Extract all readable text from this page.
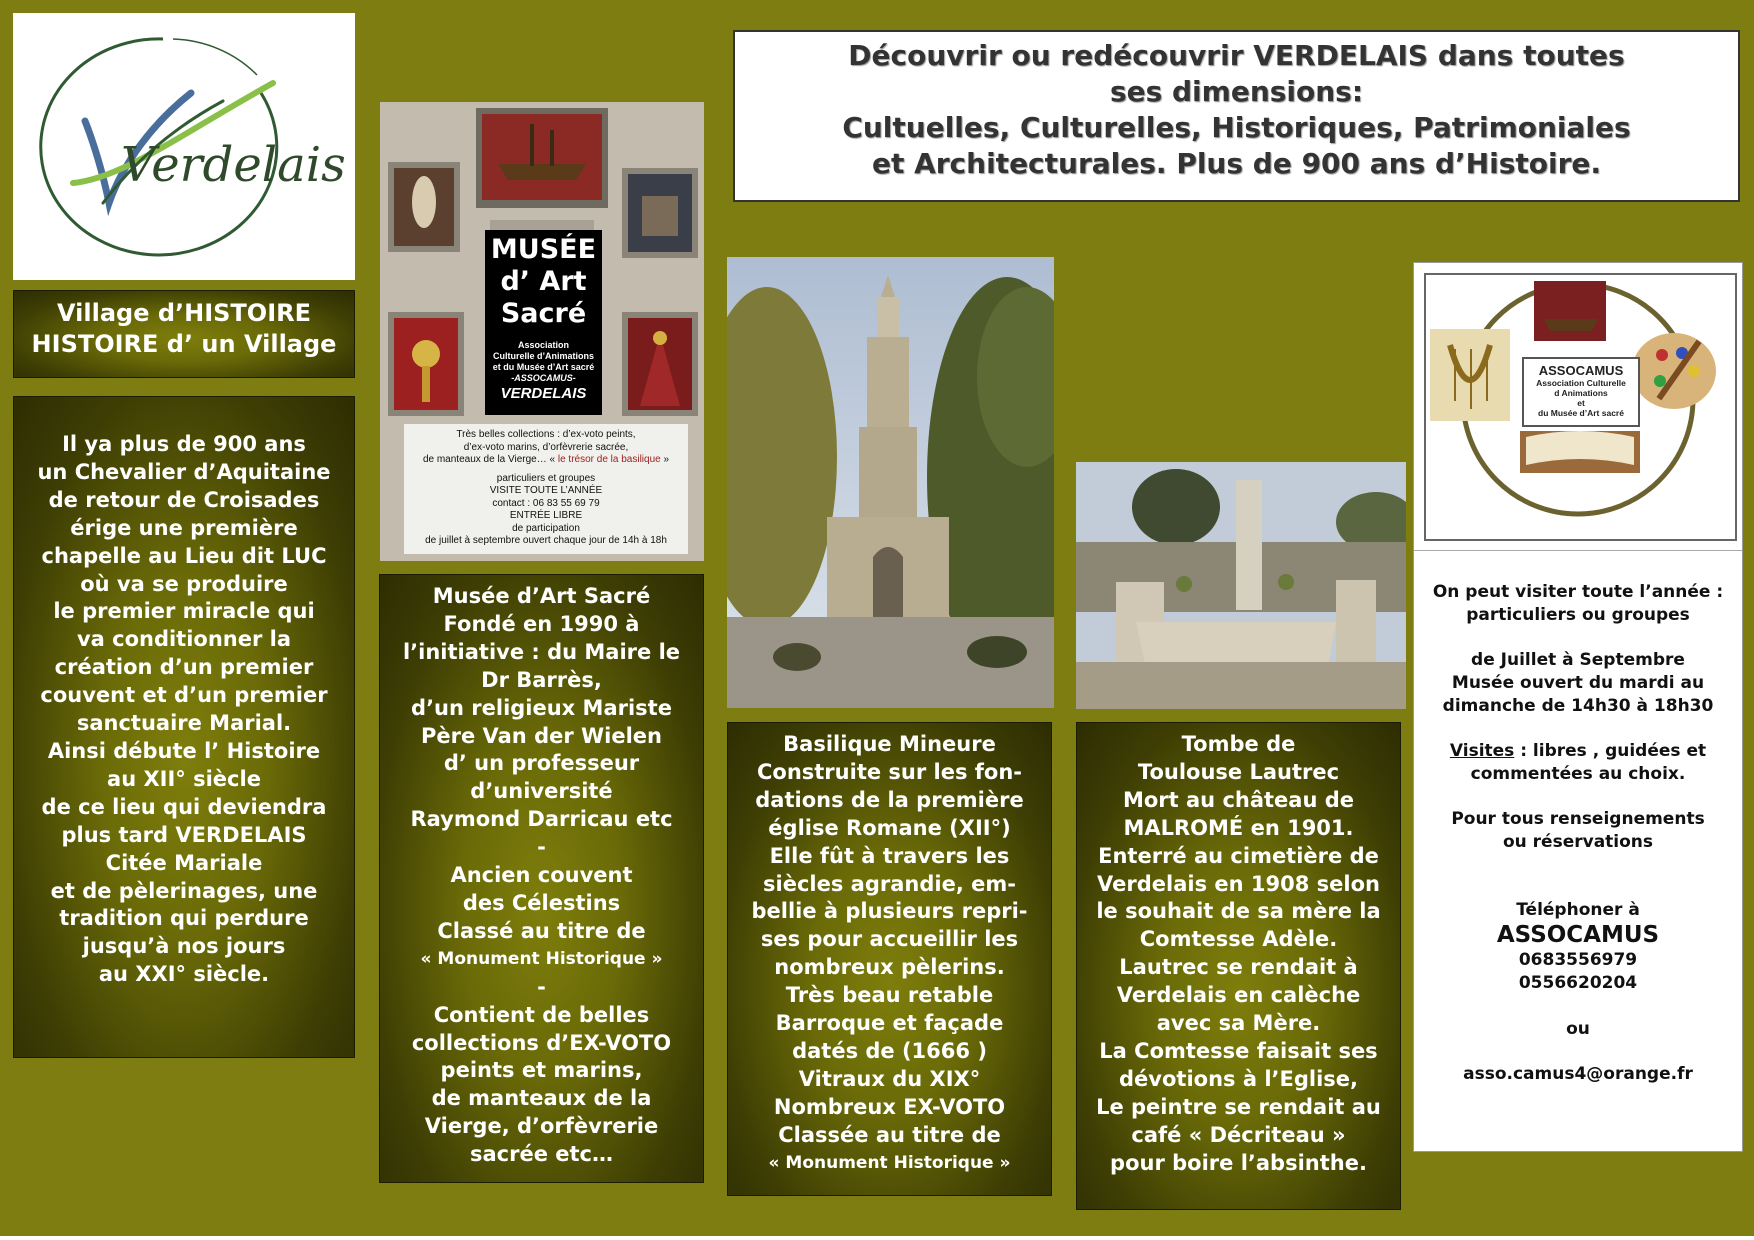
Verdelais
Découvrir ou redécouvrir VERDELAIS dans toutes
ses dimensions:
Cultuelles, Culturelles, Historiques, Patrimoniales
et Architecturales. Plus de 900 ans d’Histoire.
Village d’HISTOIRE
HISTOIRE d’ un Village
Il ya plus de 900 ans
un Chevalier d’Aquitaine
de retour de Croisades
érige une première
chapelle au Lieu dit LUC
où va se produire
le premier miracle qui
va conditionner la
création d’un premier
couvent et d’un premier
sanctuaire Marial.
Ainsi débute l’ Histoire
au XII° siècle
de ce lieu qui deviendra
plus tard VERDELAIS
Citée Mariale
et de pèlerinages, une
tradition qui perdure
jusqu’à nos jours
au XXI° siècle.
MUSÉE
d’ Art
Sacré
Association
Culturelle d’Animations
et du Musée d’Art sacré
-ASSOCAMUS-
VERDELAIS
Très belles collections : d’ex-voto peints,
d’ex-voto marins, d’orfèvrerie sacrée,
de manteaux de la Vierge… « le trésor de la basilique »
particuliers et groupes
VISITE TOUTE L’ANNÉE
contact : 06 83 55 69 79
ENTRÉE LIBRE
de participation
de juillet à septembre ouvert chaque jour de 14h à 18h
Musée d’Art Sacré
Fondé en 1990 à
l’initiative : du Maire le
Dr Barrès,
d’un religieux Mariste
Père Van der Wielen
d’ un professeur
d’université
Raymond Darricau etc
-
Ancien couvent
des Célestins
Classé au titre de
« Monument Historique »
-
Contient de belles
collections d’EX-VOTO
peints et marins,
de manteaux de la
Vierge, d’orfèvrerie
sacrée etc…
Basilique Mineure
Construite sur les fon-
dations de la première
église Romane (XII°)
Elle fût à travers les
siècles agrandie, em-
bellie à plusieurs repri-
ses pour accueillir les
nombreux pèlerins.
Très beau retable
Barroque et façade
datés de (1666 )
Vitraux du XIX°
Nombreux EX-VOTO
Classée au titre de
« Monument Historique »
Tombe de
Toulouse Lautrec
Mort au château de
MALROMÉ en 1901.
Enterré au cimetière de
Verdelais en 1908 selon
le souhait de sa mère la
Comtesse Adèle.
Lautrec se rendait à
Verdelais en calèche
avec sa Mère.
La Comtesse faisait ses
dévotions à l’Eglise,
Le peintre se rendait au
café « Décriteau »
pour boire l’absinthe.
ASSOCAMUS
Association Culturelle
d Animations
et
du Musée d’Art sacré
On peut visiter toute l’année :
particuliers ou groupes
de Juillet à Septembre
Musée ouvert du mardi au
dimanche de 14h30 à 18h30
Visites : libres , guidées et
commentées au choix.
Pour tous renseignements
ou réservations
Téléphoner à
ASSOCAMUS
0683556979
0556620204
ou
asso.camus4@orange.fr
